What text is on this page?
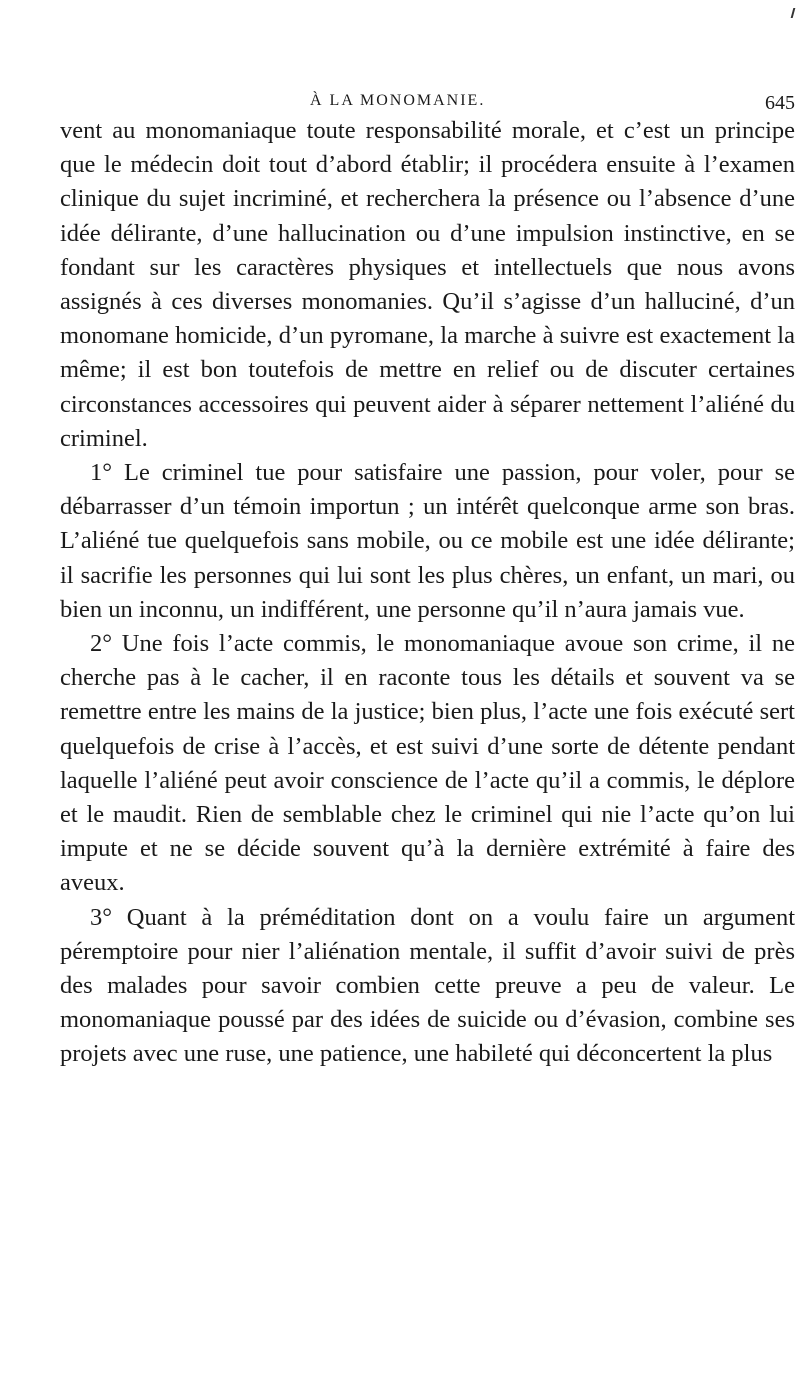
À LA MONOMANIE.	645

vent au monomaniaque toute responsabilité morale, et c’est un principe que le médecin doit tout d’abord établir; il procédera ensuite à l’examen clinique du sujet incriminé, et recherchera la présence ou l’absence d’une idée délirante, d’une hallucination ou d’une impulsion instinctive, en se fondant sur les caractères physiques et intellectuels que nous avons assignés à ces diverses monomanies. Qu’il s’agisse d’un halluciné, d’un monomane homicide, d’un pyromane, la marche à suivre est exactement la même; il est bon toutefois de mettre en relief ou de discuter certaines circonstances accessoires qui peuvent aider à séparer nettement l’aliéné du criminel.

1° Le criminel tue pour satisfaire une passion, pour voler, pour se débarrasser d’un témoin importun ; un intérêt quelconque arme son bras. L’aliéné tue quelquefois sans mobile, ou ce mobile est une idée délirante; il sacrifie les personnes qui lui sont les plus chères, un enfant, un mari, ou bien un inconnu, un indifférent, une personne qu’il n’aura jamais vue.

2° Une fois l’acte commis, le monomaniaque avoue son crime, il ne cherche pas à le cacher, il en raconte tous les détails et souvent va se remettre entre les mains de la justice; bien plus, l’acte une fois exécuté sert quelquefois de crise à l’accès, et est suivi d’une sorte de détente pendant laquelle l’aliéné peut avoir conscience de l’acte qu’il a commis, le déplore et le maudit. Rien de semblable chez le criminel qui nie l’acte qu’on lui impute et ne se décide souvent qu’à la dernière extrémité à faire des aveux.

3° Quant à la préméditation dont on a voulu faire un argument péremptoire pour nier l’aliénation mentale, il suffit d’avoir suivi de près des malades pour savoir combien cette preuve a peu de valeur. Le monomaniaque poussé par des idées de suicide ou d’évasion, combine ses projets avec une ruse, une patience, une habileté qui déconcertent la plus
